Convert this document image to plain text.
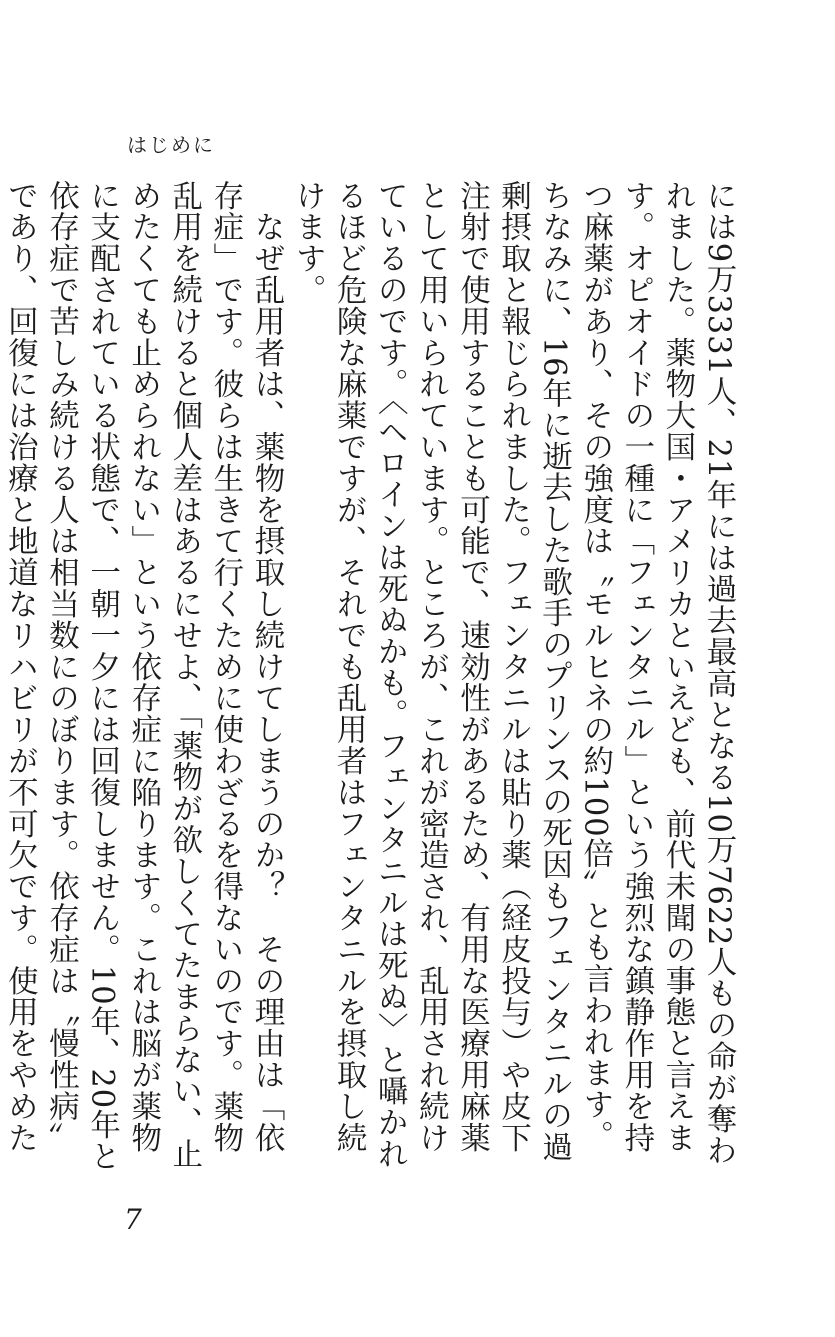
はじめに

には9万3331人、21年には過去最高となる10万7622人もの命が奪われました。薬物大国・アメリカといえども、前代未聞の事態と言えます。オピオイドの一種に「フェンタニル」という強烈な鎮静作用を持つ麻薬があり、その強度は〝モルヒネの約100倍〟とも言われます。ちなみに、16年に逝去した歌手のプリンスの死因もフェンタニルの過剰摂取と報じられました。フェンタニルは貼り薬（経皮投与）や皮下注射で使用することも可能で、速効性があるため、有用な医療用麻薬として用いられています。ところが、これが密造され、乱用され続けているのです。〈ヘロインは死ぬかも。フェンタニルは死ぬ〉と囁かれるほど危険な麻薬ですが、それでも乱用者はフェンタニルを摂取し続けます。

　なぜ乱用者は、薬物を摂取し続けてしまうのか？　その理由は「依存症」です。彼らは生きて行くために使わざるを得ないのです。薬物乱用を続けると個人差はあるにせよ、「薬物が欲しくてたまらない、止めたくても止められない」という依存症に陥ります。これは脳が薬物に支配されている状態で、一朝一夕には回復しません。10年、20年と依存症で苦しみ続ける人は相当数にのぼります。依存症は〝慢性病〟であり、回復には治療と地道なリハビリが不可欠です。使用をやめた

7
